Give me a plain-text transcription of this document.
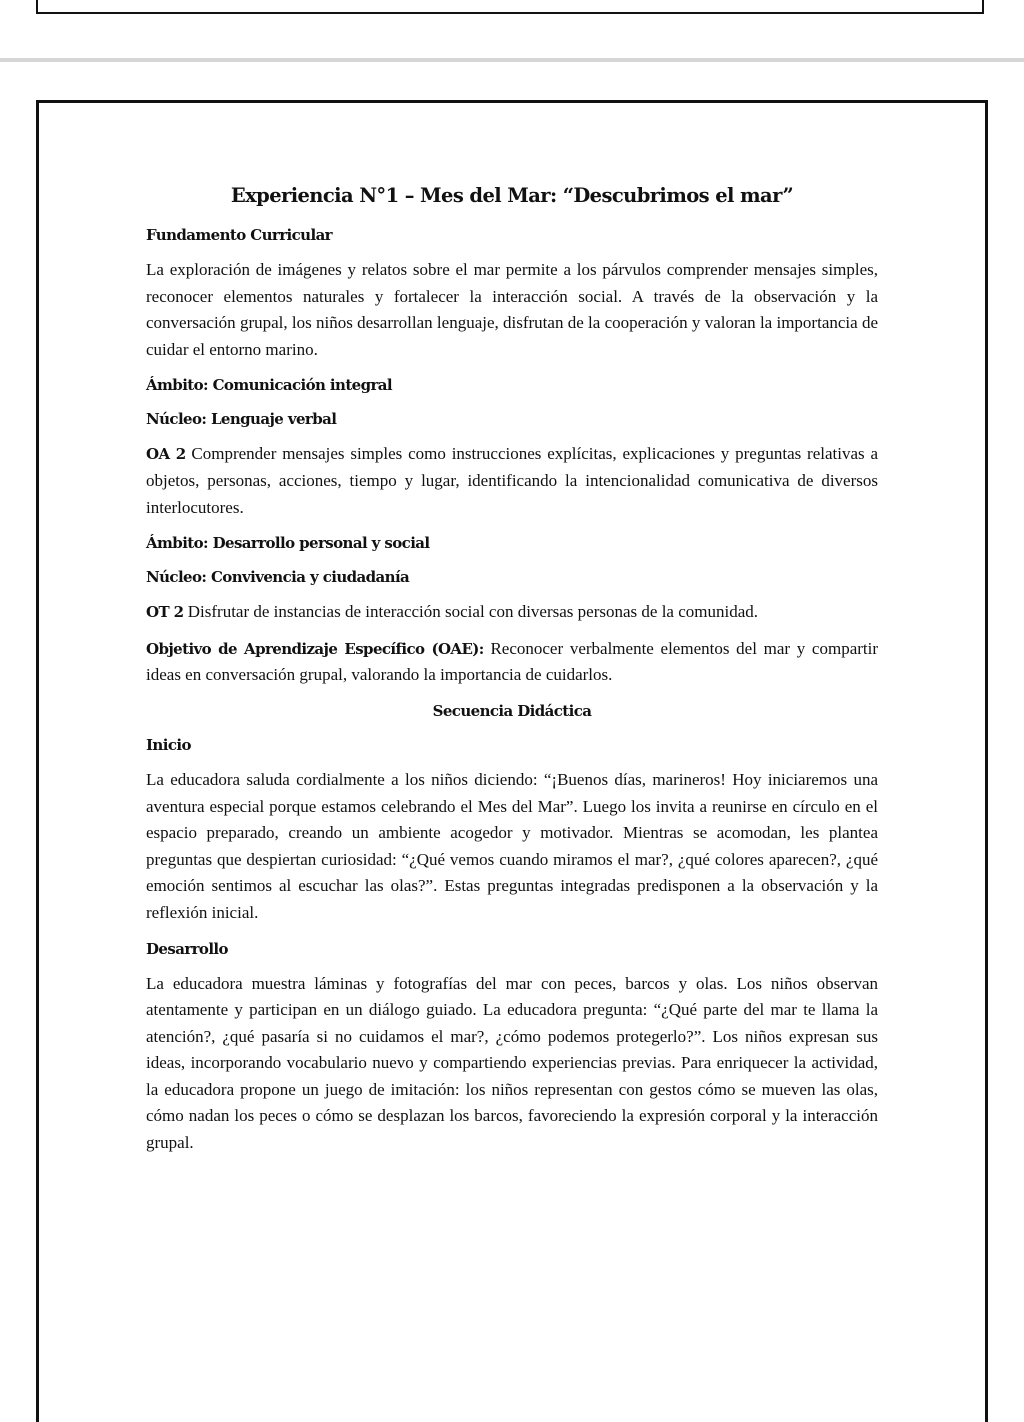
Experiencia N°1 – Mes del Mar: “Descubrimos el mar”
Fundamento Curricular

La exploración de imágenes y relatos sobre el mar permite a los párvulos comprender mensajes simples, reconocer elementos naturales y fortalecer la interacción social. A través de la observación y la conversación grupal, los niños desarrollan lenguaje, disfrutan de la cooperación y valoran la importancia de cuidar el entorno marino.

Ámbito: Comunicación integral
Núcleo: Lenguaje verbal

OA 2 Comprender mensajes simples como instrucciones explícitas, explicaciones y preguntas relativas a objetos, personas, acciones, tiempo y lugar, identificando la intencionalidad comunicativa de diversos interlocutores.

Ámbito: Desarrollo personal y social
Núcleo: Convivencia y ciudadanía

OT 2 Disfrutar de instancias de interacción social con diversas personas de la comunidad.

Objetivo de Aprendizaje Específico (OAE): Reconocer verbalmente elementos del mar y compartir ideas en conversación grupal, valorando la importancia de cuidarlos.

Secuencia Didáctica
Inicio

La educadora saluda cordialmente a los niños diciendo: “¡Buenos días, marineros! Hoy iniciaremos una aventura especial porque estamos celebrando el Mes del Mar”. Luego los invita a reunirse en círculo en el espacio preparado, creando un ambiente acogedor y motivador. Mientras se acomodan, les plantea preguntas que despiertan curiosidad: “¿Qué vemos cuando miramos el mar?, ¿qué colores aparecen?, ¿qué emoción sentimos al escuchar las olas?”. Estas preguntas integradas predisponen a la observación y la reflexión inicial.

Desarrollo

La educadora muestra láminas y fotografías del mar con peces, barcos y olas. Los niños observan atentamente y participan en un diálogo guiado. La educadora pregunta: “¿Qué parte del mar te llama la atención?, ¿qué pasaría si no cuidamos el mar?, ¿cómo podemos protegerlo?”. Los niños expresan sus ideas, incorporando vocabulario nuevo y compartiendo experiencias previas. Para enriquecer la actividad, la educadora propone un juego de imitación: los niños representan con gestos cómo se mueven las olas, cómo nadan los peces o cómo se desplazan los barcos, favoreciendo la expresión corporal y la interacción grupal.
